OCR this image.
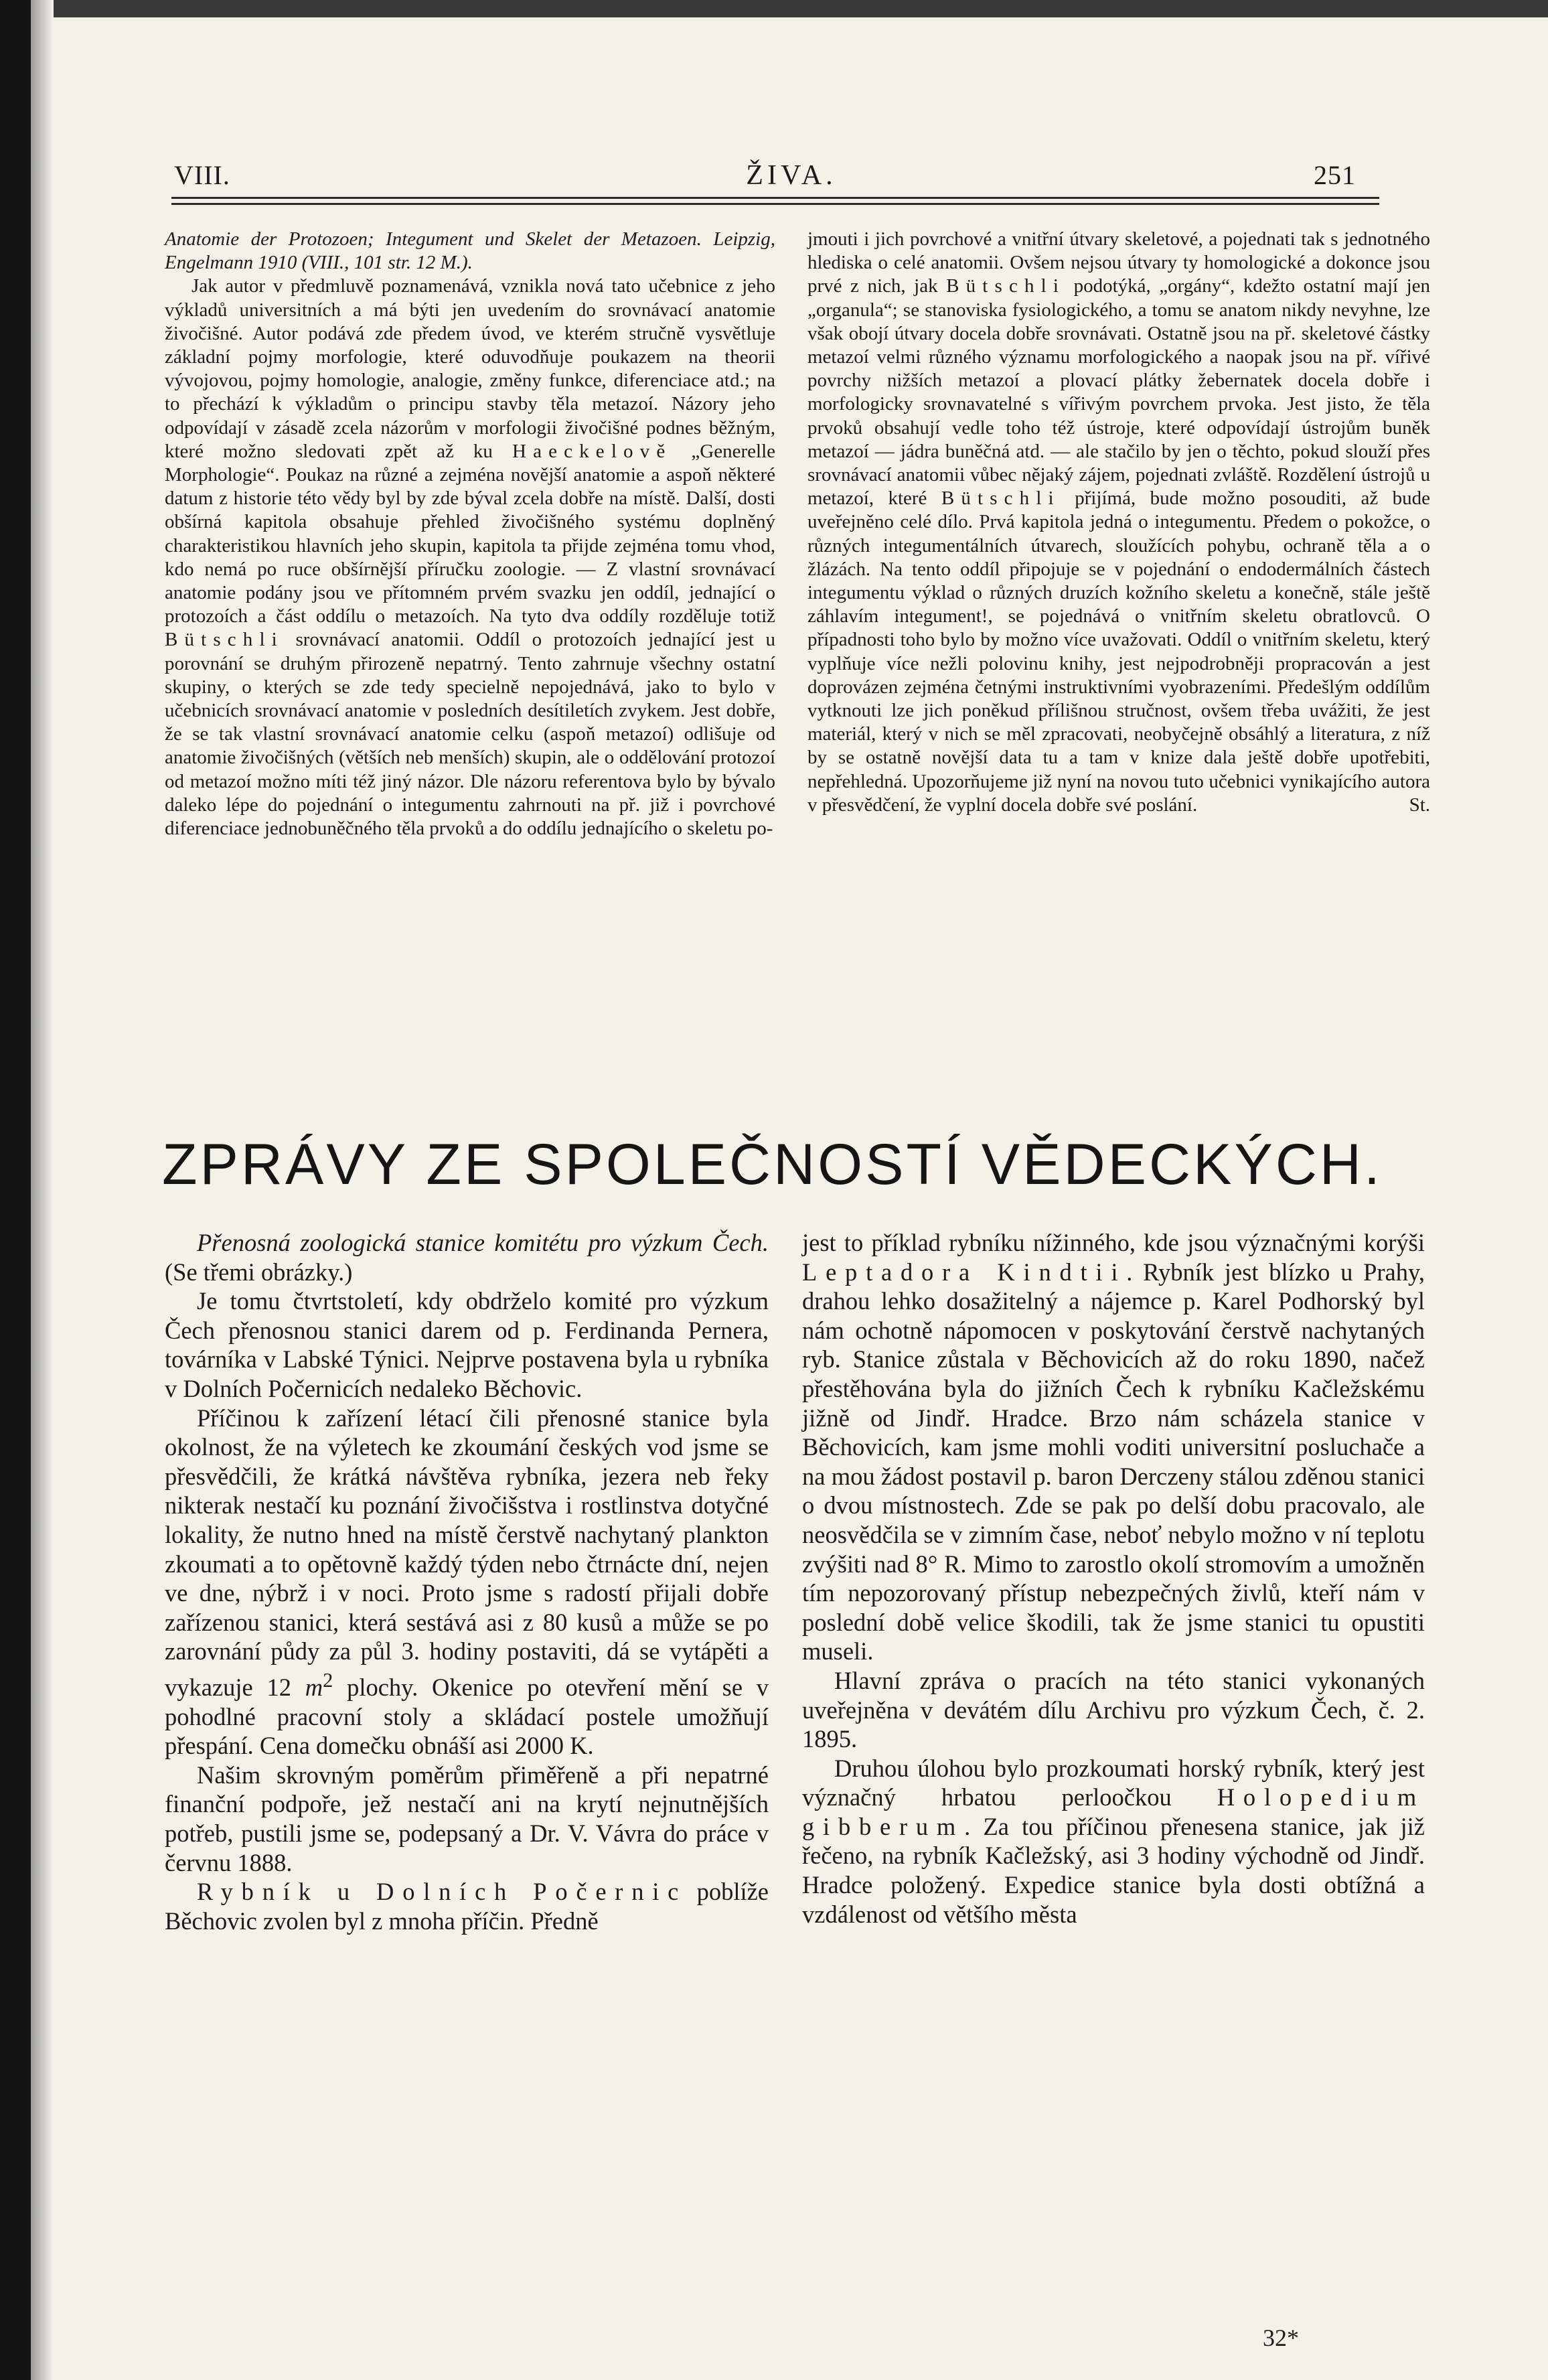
VIII.	ŽIVA.	251

Anatomie der Protozoen; Integument und Skelet der Metazoen. Leipzig, Engelmann 1910 (VIII., 101 str. 12 M.).

Jak autor v předmluvě poznamenává, vznikla nová tato učebnice z jeho výkladů universitních a má býti jen uvedením do srovnávací anatomie živočišné. Autor podává zde předem úvod, ve kterém stručně vysvětluje základní pojmy morfologie, které oduvodňuje poukazem na theorii vývojovou, pojmy homologie, analogie, změny funkce, diferenciace atd.; na to přechází k výkladům o principu stavby těla metazoí. Názory jeho odpovídají v zásadě zcela názorům v morfologii živočišné podnes běžným, které možno sledovati zpět až ku Haeckelově „Generelle Morphologie“. Poukaz na různé a zejména novější anatomie a aspoň některé datum z historie této vědy byl by zde býval zcela dobře na místě. Další, dosti obšírná kapitola obsahuje přehled živočišného systému doplněný charakteristikou hlavních jeho skupin, kapitola ta přijde zejména tomu vhod, kdo nemá po ruce obšírnější příručku zoologie. — Z vlastní srovnávací anatomie podány jsou ve přítomném prvém svazku jen oddíl, jednající o protozoích a část oddílu o metazoích. Na tyto dva oddíly rozděluje totiž Bütschli srovnávací anatomii. Oddíl o protozoích jednající jest u porovnání se druhým přirozeně nepatrný. Tento zahrnuje všechny ostatní skupiny, o kterých se zde tedy specielně nepojednává, jako to bylo v učebnicích srovnávací anatomie v posledních desítiletích zvykem. Jest dobře, že se tak vlastní srovnávací anatomie celku (aspoň metazoí) odlišuje od anatomie živočišných (větších neb menších) skupin, ale o oddělování protozoí od metazoí možno míti též jiný názor. Dle názoru referentova bylo by bývalo daleko lépe do pojednání o integumentu zahrnouti na př. již i povrchové diferenciace jednobuněčného těla prvoků a do oddílu jednajícího o skeletu po-

jmouti i jich povrchové a vnitřní útvary skeletové, a pojednati tak s jednotného hlediska o celé anatomii. Ovšem nejsou útvary ty homologické a dokonce jsou prvé z nich, jak Bütschli podotýká, „orgány“, kdežto ostatní mají jen „organula“; se stanoviska fysiologického, a tomu se anatom nikdy nevyhne, lze však obojí útvary docela dobře srovnávati. Ostatně jsou na př. skeletové částky metazoí velmi různého významu morfologického a naopak jsou na př. vířivé povrchy nižších metazoí a plovací plátky žebernatek docela dobře i morfologicky srovnavatelné s vířivým povrchem prvoka. Jest jisto, že těla prvoků obsahují vedle toho též ústroje, které odpovídají ústrojům buněk metazoí — jádra buněčná atd. — ale stačilo by jen o těchto, pokud slouží přes srovnávací anatomii vůbec nějaký zájem, pojednati zvláště. Rozdělení ústrojů u metazoí, které Bütschli přijímá, bude možno posouditi, až bude uveřejněno celé dílo. Prvá kapitola jedná o integumentu. Předem o pokožce, o různých integumentálních útvarech, sloužících pohybu, ochraně těla a o žlázách. Na tento oddíl připojuje se v pojednání o endodermálních částech integumentu výklad o různých druzích kožního skeletu a konečně, stále ještě záhlavím integument!, se pojednává o vnitřním skeletu obratlovců. O případnosti toho bylo by možno více uvažovati. Oddíl o vnitřním skeletu, který vyplňuje více nežli polovinu knihy, jest nejpodrobněji propracován a jest doprovázen zejména četnými instruktivními vyobrazeními. Předešlým oddílům vytknouti lze jich poněkud přílišnou stručnost, ovšem třeba uvážiti, že jest materiál, který v nich se měl zpracovati, neobyčejně obsáhlý a literatura, z níž by se ostatně novější data tu a tam v knize dala ještě dobře upotřebiti, nepřehledná. Upozorňujeme již nyní na novou tuto učebnici vynikajícího autora v přesvědčení, že vyplní docela dobře své poslání.	St.

ZPRÁVY ZE SPOLEČNOSTÍ VĚDECKÝCH.

Přenosná zoologická stanice komitétu pro výzkum Čech. (Se třemi obrázky.)

Je tomu čtvrtstoletí, kdy obdrželo komité pro výzkum Čech přenosnou stanici darem od p. Ferdinanda Pernera, továrníka v Labské Týnici. Nejprve postavena byla u rybníka v Dolních Počernicích nedaleko Běchovic.

Příčinou k zařízení létací čili přenosné stanice byla okolnost, že na výletech ke zkoumání českých vod jsme se přesvědčili, že krátká návštěva rybníka, jezera neb řeky nikterak nestačí ku poznání živočišstva i rostlinstva dotyčné lokality, že nutno hned na místě čerstvě nachytaný plankton zkoumati a to opětovně každý týden nebo čtrnácte dní, nejen ve dne, nýbrž i v noci. Proto jsme s radostí přijali dobře zařízenou stanici, která sestává asi z 80 kusů a může se po zarovnání půdy za půl 3. hodiny postaviti, dá se vytápěti a vykazuje 12 $m^2$ plochy. Okenice po otevření mění se v pohodlné pracovní stoly a skládací postele umožňují přespání. Cena domečku obnáší asi 2000 K.

Našim skrovným poměrům přiměřeně a při nepatrné finanční podpoře, jež nestačí ani na krytí nejnutnějších potřeb, pustili jsme se, podepsaný a Dr. V. Vávra do práce v červnu 1888.

Rybník u Dolních Počernic poblíže Běchovic zvolen byl z mnoha příčin. Předně

jest to příklad rybníku nížinného, kde jsou význačnými korýši Leptadora Kindtii. Rybník jest blízko u Prahy, drahou lehko dosažitelný a nájemce p. Karel Podhorský byl nám ochotně nápomocen v poskytování čerstvě nachytaných ryb. Stanice zůstala v Běchovicích až do roku 1890, načež přestěhována byla do jižních Čech k rybníku Kačležskému jižně od Jindř. Hradce. Brzo nám scházela stanice v Běchovicích, kam jsme mohli voditi universitní posluchače a na mou žádost postavil p. baron Derczeny stálou zděnou stanici o dvou místnostech. Zde se pak po delší dobu pracovalo, ale neosvědčila se v zimním čase, neboť nebylo možno v ní teplotu zvýšiti nad 8° R. Mimo to zarostlo okolí stromovím a umožněn tím nepozorovaný přístup nebezpečných živlů, kteří nám v poslední době velice škodili, tak že jsme stanici tu opustiti museli.

Hlavní zpráva o pracích na této stanici vykonaných uveřejněna v devátém dílu Archivu pro výzkum Čech, č. 2. 1895.

Druhou úlohou bylo prozkoumati horský rybník, který jest význačný hrbatou perloočkou Holopedium gibberum. Za tou příčinou přenesena stanice, jak již řečeno, na rybník Kačležský, asi 3 hodiny východně od Jindř. Hradce položený. Expedice stanice byla dosti obtížná a vzdálenost od většího města

32*
